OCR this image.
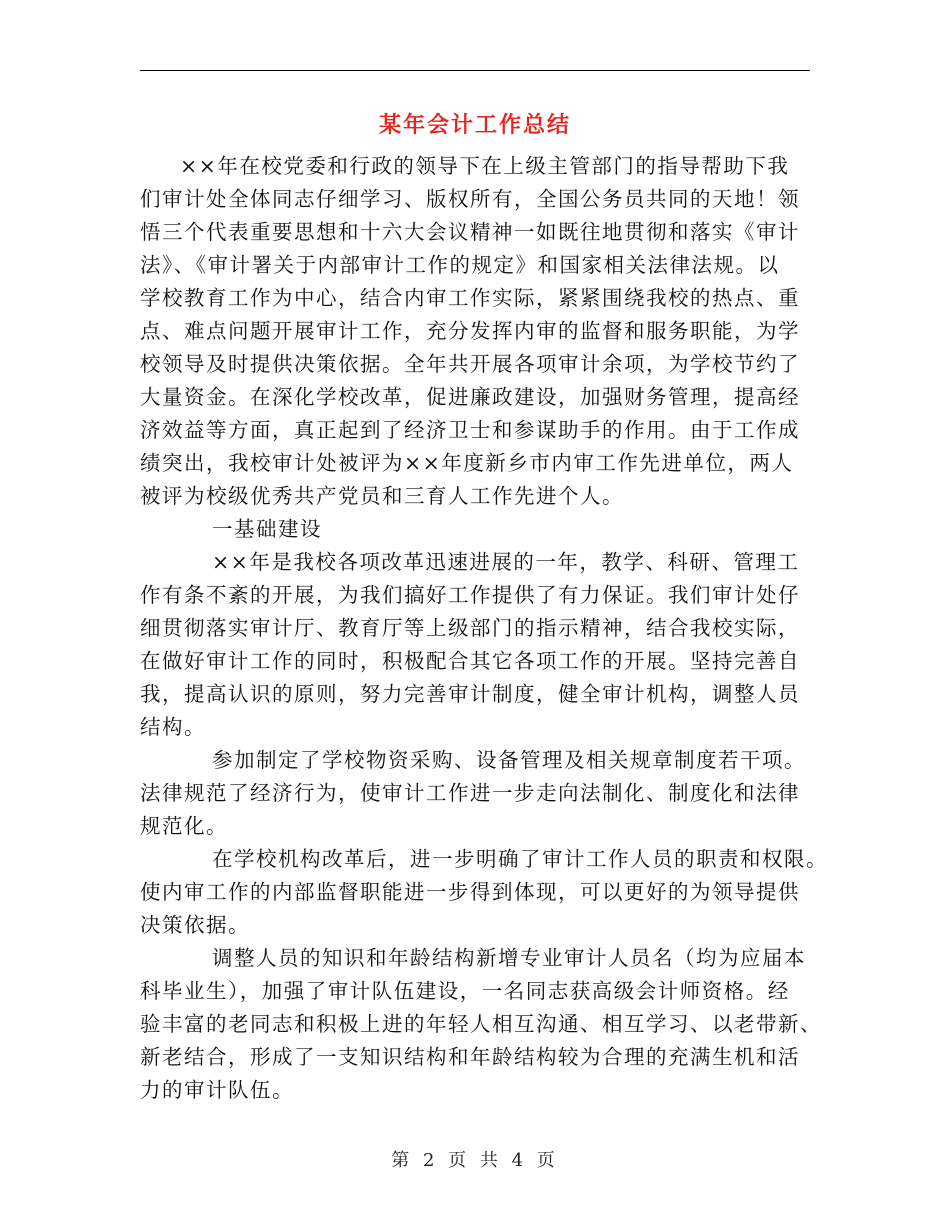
某年会计工作总结
××年在校党委和行政的领导下在上级主管部门的指导帮助下我
们审计处全体同志仔细学习、版权所有，全国公务员共同的天地！领
悟三个代表重要思想和十六大会议精神一如既往地贯彻和落实《审计
法》、《审计署关于内部审计工作的规定》和国家相关法律法规。以
学校教育工作为中心，结合内审工作实际，紧紧围绕我校的热点、重
点、难点问题开展审计工作，充分发挥内审的监督和服务职能，为学
校领导及时提供决策依据。全年共开展各项审计余项，为学校节约了
大量资金。在深化学校改革，促进廉政建设，加强财务管理，提高经
济效益等方面，真正起到了经济卫士和参谋助手的作用。由于工作成
绩突出，我校审计处被评为××年度新乡市内审工作先进单位，两人
被评为校级优秀共产党员和三育人工作先进个人。
一基础建设
××年是我校各项改革迅速进展的一年，教学、科研、管理工
作有条不紊的开展，为我们搞好工作提供了有力保证。我们审计处仔
细贯彻落实审计厅、教育厅等上级部门的指示精神，结合我校实际，
在做好审计工作的同时，积极配合其它各项工作的开展。坚持完善自
我，提高认识的原则，努力完善审计制度，健全审计机构，调整人员
结构。
参加制定了学校物资采购、设备管理及相关规章制度若干项。
法律规范了经济行为，使审计工作进一步走向法制化、制度化和法律
规范化。
在学校机构改革后，进一步明确了审计工作人员的职责和权限。
使内审工作的内部监督职能进一步得到体现，可以更好的为领导提供
决策依据。
调整人员的知识和年龄结构新增专业审计人员名（均为应届本
科毕业生），加强了审计队伍建设，一名同志获高级会计师资格。经
验丰富的老同志和积极上进的年轻人相互沟通、相互学习、以老带新、
新老结合，形成了一支知识结构和年龄结构较为合理的充满生机和活
力的审计队伍。
第 2 页 共 4 页
